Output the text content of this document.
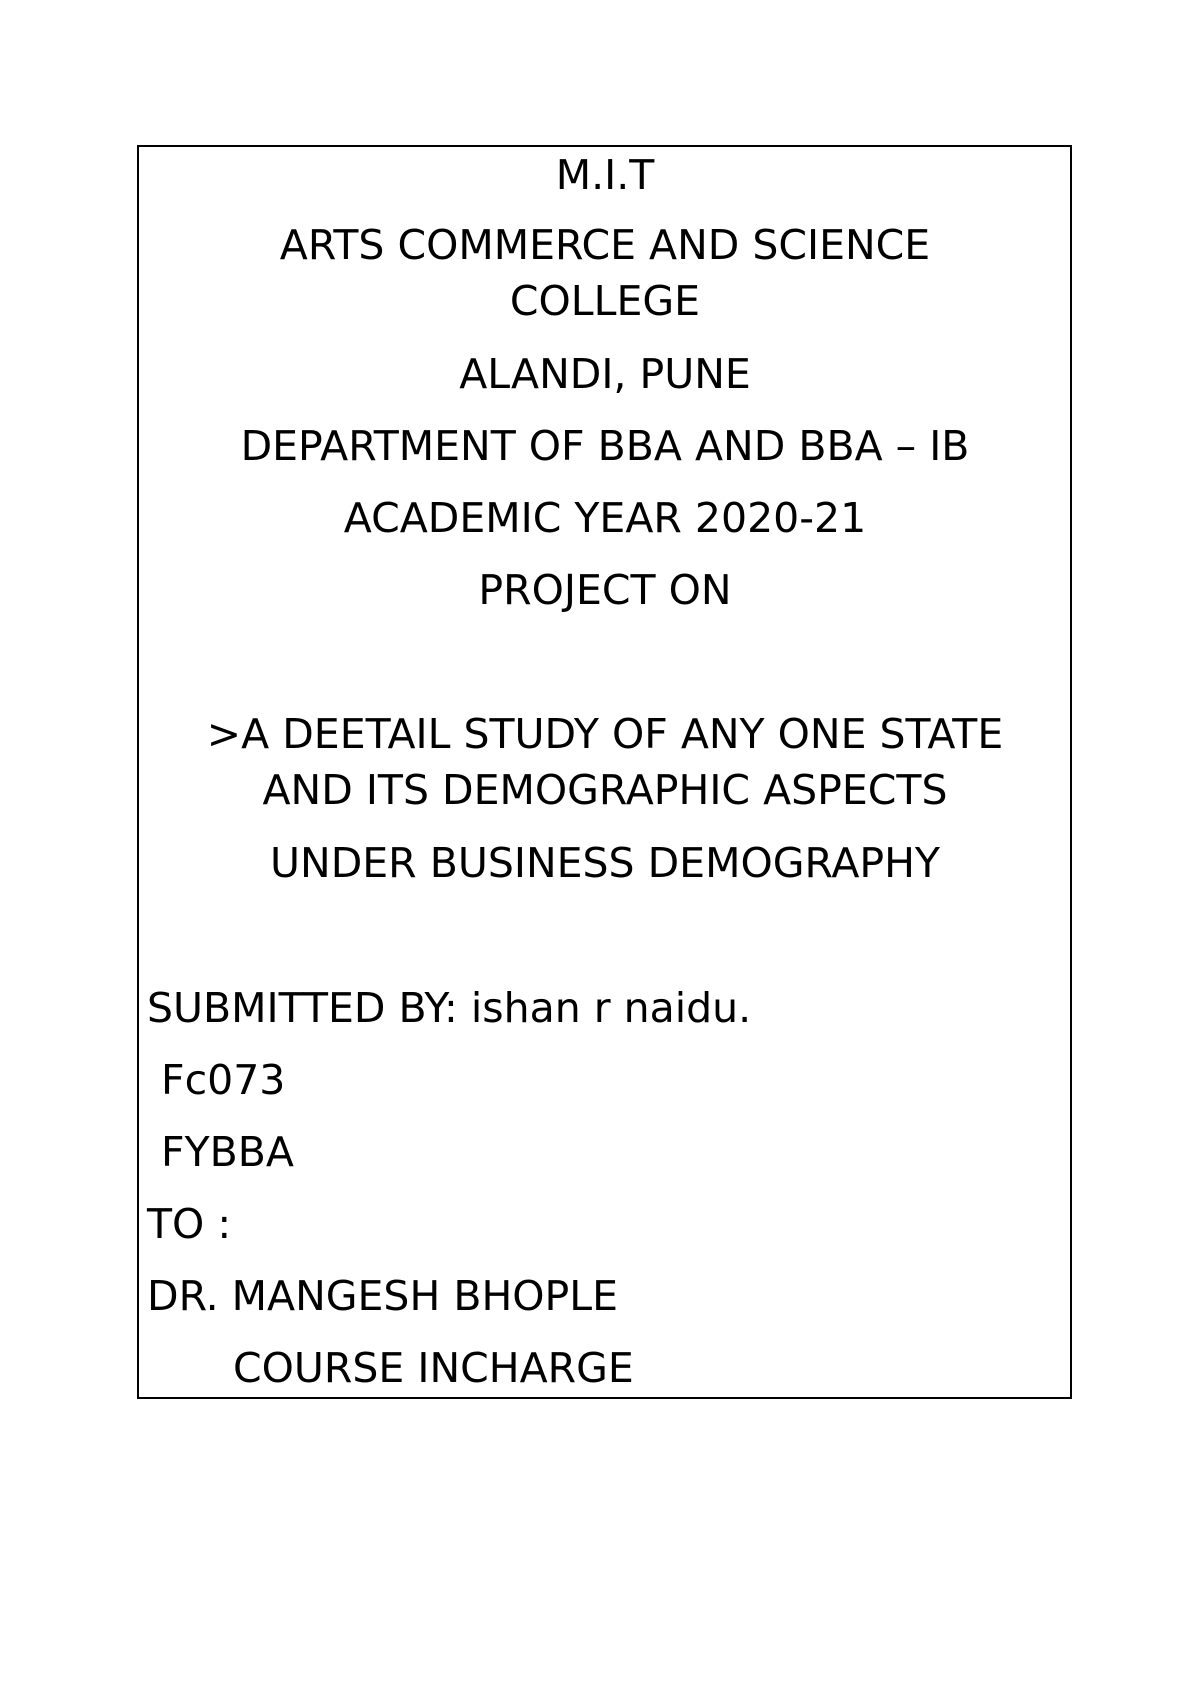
M.I.T
ARTS COMMERCE AND SCIENCE
COLLEGE
ALANDI, PUNE
DEPARTMENT OF BBA AND BBA – IB
ACADEMIC YEAR 2020-21
PROJECT ON
>A DEETAIL STUDY OF ANY ONE STATE
AND ITS DEMOGRAPHIC ASPECTS
UNDER BUSINESS DEMOGRAPHY
SUBMITTED BY: ishan r naidu.
Fc073
FYBBA
TO :
DR. MANGESH BHOPLE
COURSE INCHARGE
